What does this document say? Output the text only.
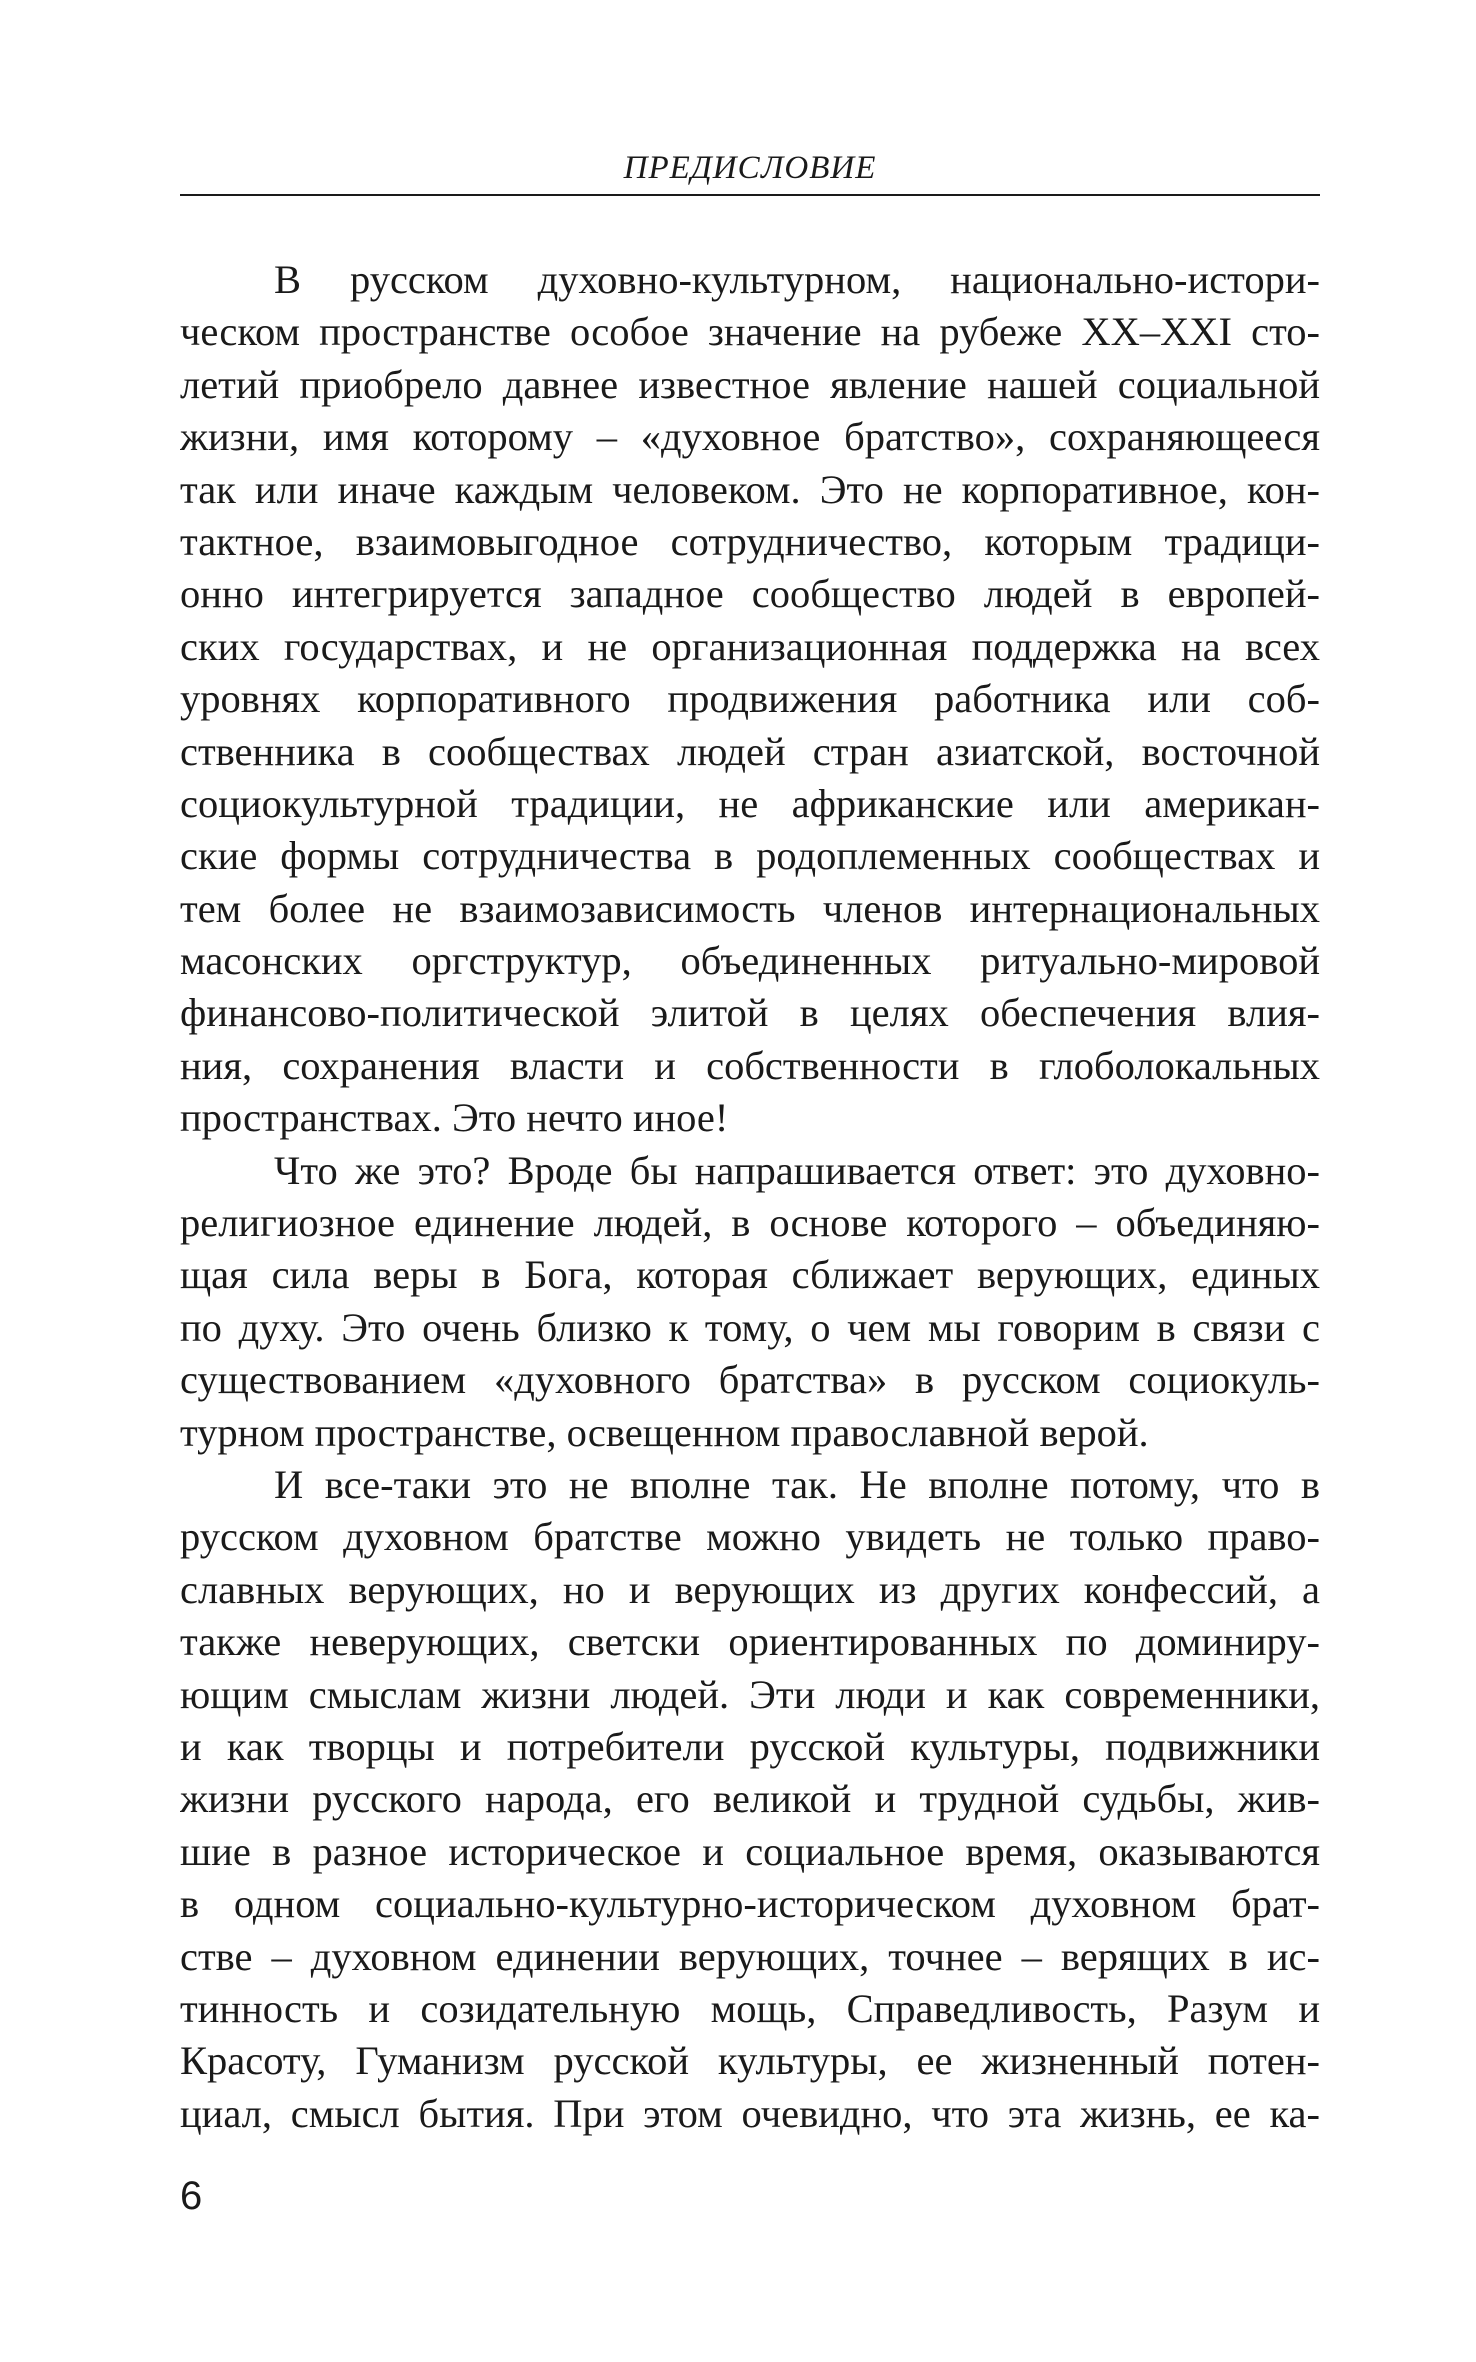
ПРЕДИСЛОВИЕ
В русском духовно-культурном, национально-истори-
ческом пространстве особое значение на рубеже XX–XXI сто-
летий приобрело давнее известное явление нашей социальной
жизни, имя которому – «духовное братство», сохраняющееся
так или иначе каждым человеком. Это не корпоративное, кон-
тактное, взаимовыгодное сотрудничество, которым традици-
онно интегрируется западное сообщество людей в европей-
ских государствах, и не организационная поддержка на всех
уровнях корпоративного продвижения работника или соб-
ственника в сообществах людей стран азиатской, восточной
социокультурной традиции, не африканские или американ-
ские формы сотрудничества в родоплеменных сообществах и
тем более не взаимозависимость членов интернациональных
масонских оргструктур, объединенных ритуально-мировой
финансово-политической элитой в целях обеспечения влия-
ния, сохранения власти и собственности в глоболокальных
пространствах. Это нечто иное!
Что же это? Вроде бы напрашивается ответ: это духовно-
религиозное единение людей, в основе которого – объединяю-
щая сила веры в Бога, которая сближает верующих, единых
по духу. Это очень близко к тому, о чем мы говорим в связи с
существованием «духовного братства» в русском социокуль-
турном пространстве, освещенном православной верой.
И все-таки это не вполне так. Не вполне потому, что в
русском духовном братстве можно увидеть не только право-
славных верующих, но и верующих из других конфессий, а
также неверующих, светски ориентированных по доминиру-
ющим смыслам жизни людей. Эти люди и как современники,
и как творцы и потребители русской культуры, подвижники
жизни русского народа, его великой и трудной судьбы, жив-
шие в разное историческое и социальное время, оказываются
в одном социально-культурно-историческом духовном брат-
стве – духовном единении верующих, точнее – верящих в ис-
тинность и созидательную мощь, Справедливость, Разум и
Красоту, Гуманизм русской культуры, ее жизненный потен-
циал, смысл бытия. При этом очевидно, что эта жизнь, ее ка-
6
